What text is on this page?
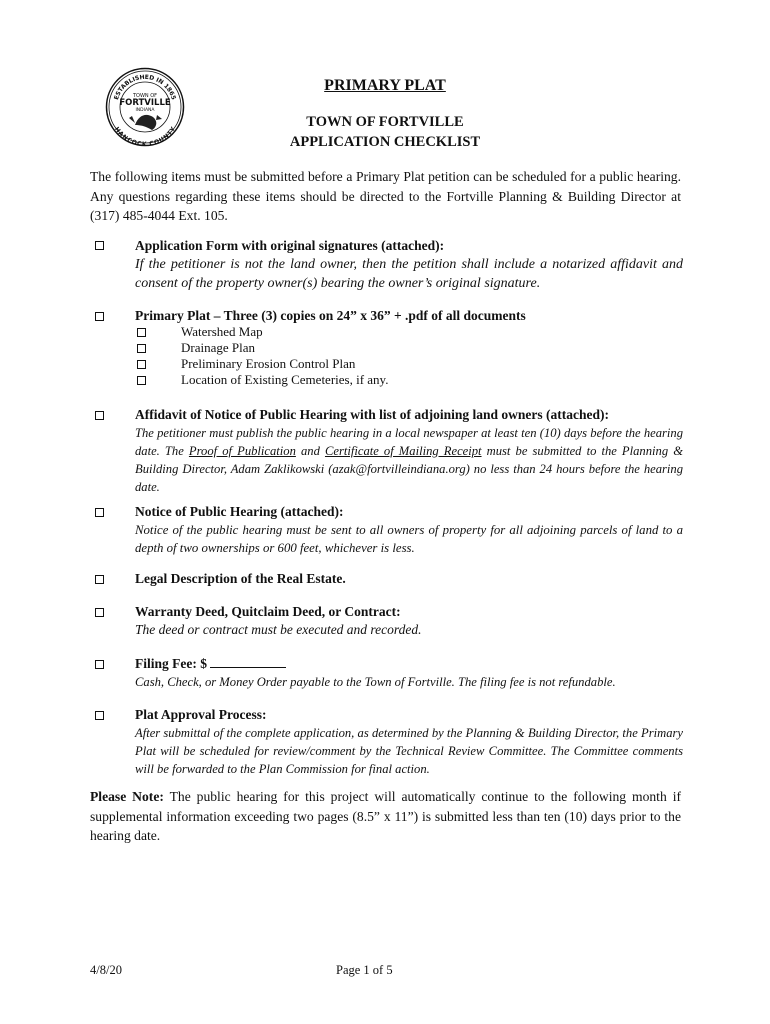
ESTABLISHED IN 1865
HANCOCK COUNTY
TOWN OF
FORTVILLE
INDIANA
PRIMARY PLAT
TOWN OF FORTVILLE
APPLICATION CHECKLIST
The following items must be submitted before a Primary Plat petition can be scheduled for a public hearing. Any questions regarding these items should be directed to the Fortville Planning & Building Director at (317) 485-4044 Ext. 105.
Application Form with original signatures (attached):
If the petitioner is not the land owner, then the petition shall include a notarized affidavit and consent of the property owner(s) bearing the owner’s original signature.
Primary Plat – Three (3) copies on 24” x 36” + .pdf of all documents
Watershed Map
Drainage Plan
Preliminary Erosion Control Plan
Location of Existing Cemeteries, if any.
Affidavit of Notice of Public Hearing with list of adjoining land owners (attached):
The petitioner must publish the public hearing in a local newspaper at least ten (10) days before the hearing date. The Proof of Publication and Certificate of Mailing Receipt must be submitted to the Planning & Building Director, Adam Zaklikowski (azak@fortvilleindiana.org) no less than 24 hours before the hearing date.
Notice of Public Hearing (attached):
Notice of the public hearing must be sent to all owners of property for all adjoining parcels of land to a depth of two ownerships or 600 feet, whichever is less.
Legal Description of the Real Estate.
Warranty Deed, Quitclaim Deed, or Contract:
The deed or contract must be executed and recorded.
Filing Fee: $
Cash, Check, or Money Order payable to the Town of Fortville. The filing fee is not refundable.
Plat Approval Process:
After submittal of the complete application, as determined by the Planning & Building Director, the Primary Plat will be scheduled for review/comment by the Technical Review Committee. The Committee comments will be forwarded to the Plan Commission for final action.
Please Note: The public hearing for this project will automatically continue to the following month if supplemental information exceeding two pages (8.5” x 11”) is submitted less than ten (10) days prior to the hearing date.
4/8/20	Page 1 of 5
